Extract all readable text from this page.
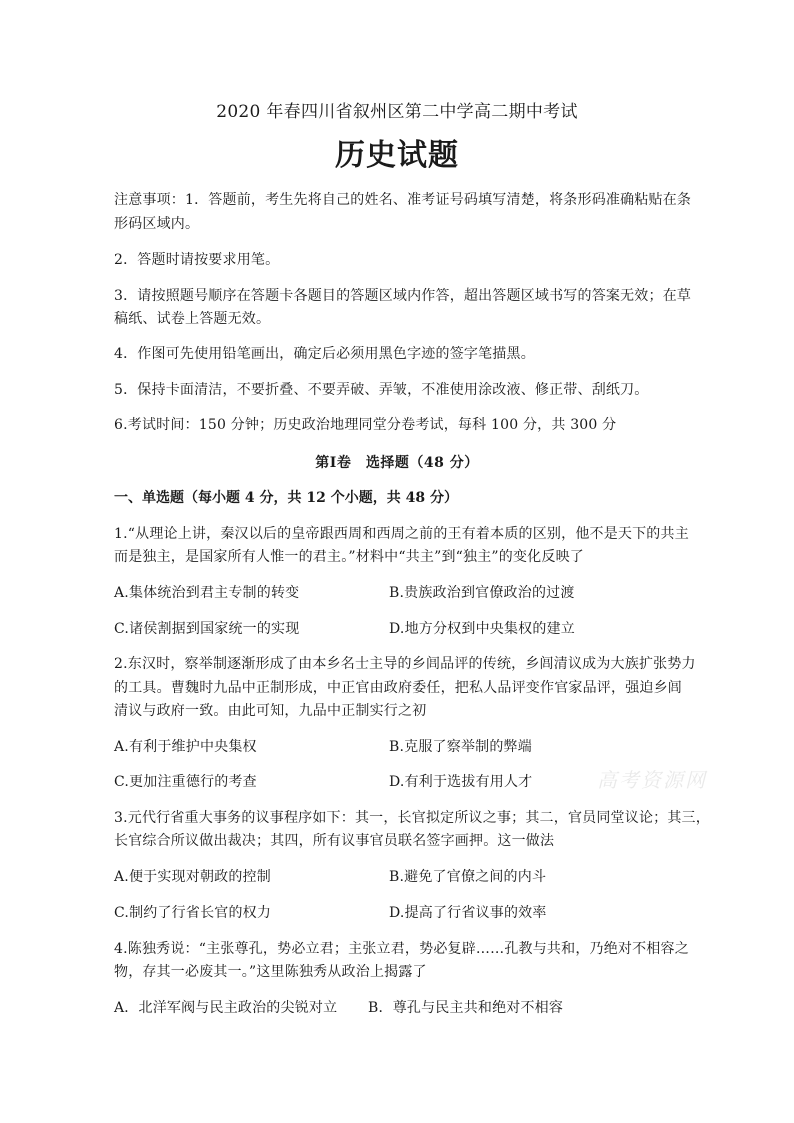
2020 年春四川省叙州区第二中学高二期中考试
历史试题
注意事项：1．答题前，考生先将自己的姓名、准考证号码填写清楚，将条形码准确粘贴在条
形码区域内。
2．答题时请按要求用笔。
3．请按照题号顺序在答题卡各题目的答题区域内作答，超出答题区域书写的答案无效；在草
稿纸、试卷上答题无效。
4．作图可先使用铅笔画出，确定后必须用黑色字迹的签字笔描黑。
5．保持卡面清洁，不要折叠、不要弄破、弄皱，不准使用涂改液、修正带、刮纸刀。
6.考试时间：150 分钟；历史政治地理同堂分卷考试，每科 100 分，共 300 分
第Ⅰ卷　选择题（48 分）
一、单选题（每小题 4 分，共 12 个小题，共 48 分）
1.“从理论上讲，秦汉以后的皇帝跟西周和西周之前的王有着本质的区别，他不是天下的共主
而是独主，是国家所有人惟一的君主。”材料中“共主”到“独主”的变化反映了
A.集体统治到君主专制的转变	B.贵族政治到官僚政治的过渡
C.诸侯割据到国家统一的实现	D.地方分权到中央集权的建立
2.东汉时，察举制逐渐形成了由本乡名士主导的乡闾品评的传统，乡闾清议成为大族扩张势力
的工具。曹魏时九品中正制形成，中正官由政府委任，把私人品评变作官家品评，强迫乡闾
清议与政府一致。由此可知，九品中正制实行之初
A.有利于维护中央集权	B.克服了察举制的弊端
C.更加注重德行的考查	D.有利于选拔有用人才
3.元代行省重大事务的议事程序如下：其一，长官拟定所议之事；其二，官员同堂议论；其三，
长官综合所议做出裁决；其四，所有议事官员联名签字画押。这一做法
A.便于实现对朝政的控制	B.避免了官僚之间的内斗
C.制约了行省长官的权力	D.提高了行省议事的效率
4.陈独秀说：“主张尊孔，势必立君；主张立君，势必复辟……孔教与共和，乃绝对不相容之
物，存其一必废其一。”这里陈独秀从政治上揭露了
A．北洋军阀与民主政治的尖锐对立 B．尊孔与民主共和绝对不相容
高考资源网
